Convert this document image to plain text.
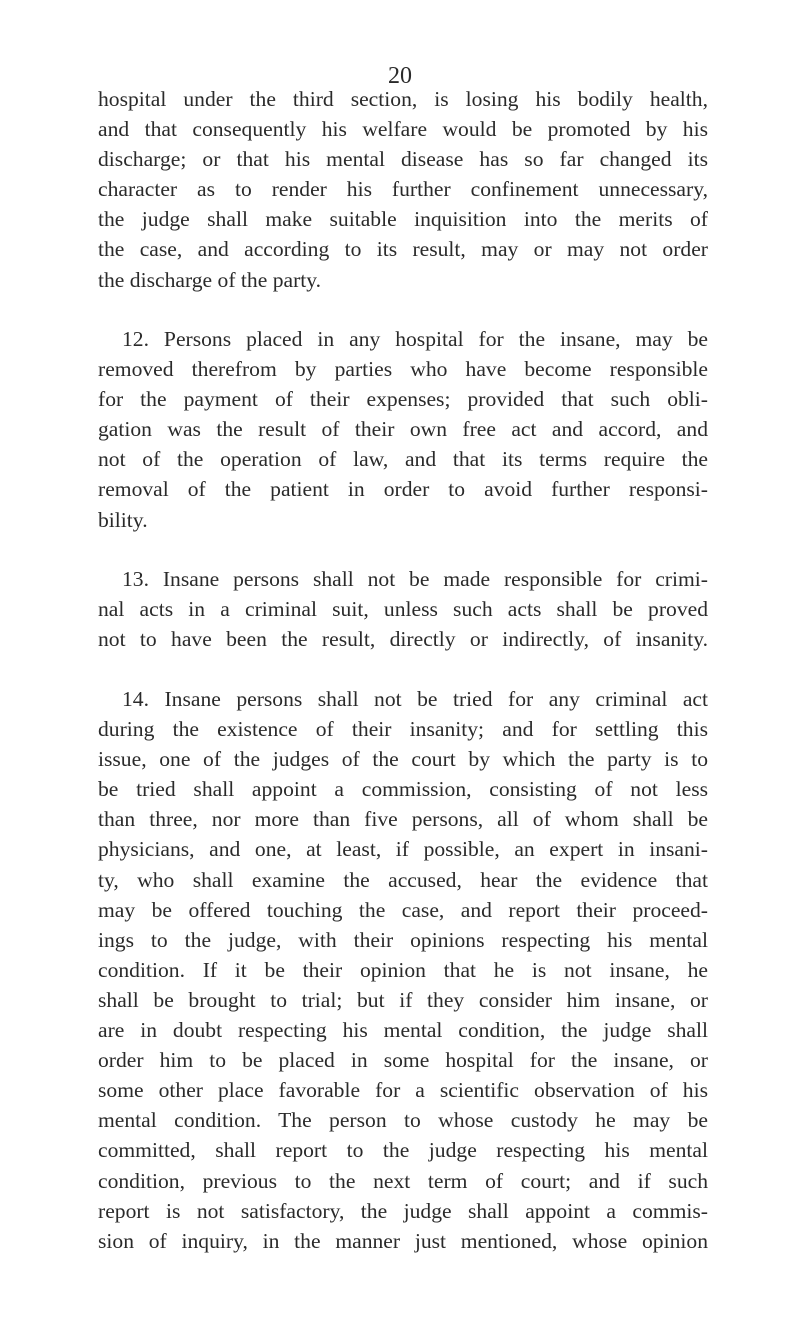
20
hospital under the third section, is losing his bodily health,
and that consequently his welfare would be promoted by his
discharge; or that his mental disease has so far changed its
character as to render his further confinement unnecessary,
the judge shall make suitable inquisition into the merits of
the case, and according to its result, may or may not order
the discharge of the party.
12. Persons placed in any hospital for the insane, may be
removed therefrom by parties who have become responsible
for the payment of their expenses; provided that such obli-
gation was the result of their own free act and accord, and
not of the operation of law, and that its terms require the
removal of the patient in order to avoid further responsi-
bility.
13. Insane persons shall not be made responsible for crimi-
nal acts in a criminal suit, unless such acts shall be proved
not to have been the result, directly or indirectly, of insanity.
14. Insane persons shall not be tried for any criminal act
during the existence of their insanity; and for settling this
issue, one of the judges of the court by which the party is to
be tried shall appoint a commission, consisting of not less
than three, nor more than five persons, all of whom shall be
physicians, and one, at least, if possible, an expert in insani-
ty, who shall examine the accused, hear the evidence that
may be offered touching the case, and report their proceed-
ings to the judge, with their opinions respecting his mental
condition. If it be their opinion that he is not insane, he
shall be brought to trial; but if they consider him insane, or
are in doubt respecting his mental condition, the judge shall
order him to be placed in some hospital for the insane, or
some other place favorable for a scientific observation of his
mental condition. The person to whose custody he may be
committed, shall report to the judge respecting his mental
condition, previous to the next term of court; and if such
report is not satisfactory, the judge shall appoint a commis-
sion of inquiry, in the manner just mentioned, whose opinion
